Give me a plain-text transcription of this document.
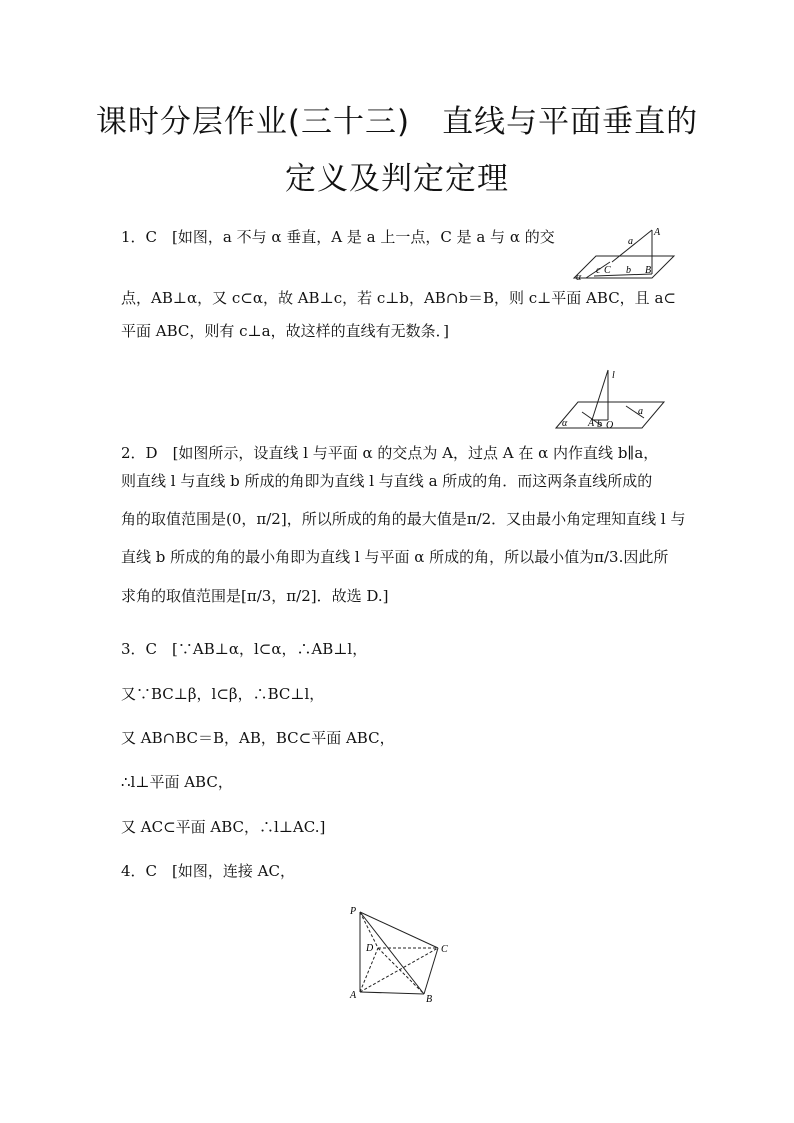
课时分层作业(三十三)　直线与平面垂直的
定义及判定定理
1．C　[如图，a 不与 α 垂直，A 是 a 上一点，C 是 a 与 α 的交
点，AB⊥α，又 c⊂α，故 AB⊥c，若 c⊥b，AB∩b＝B，则 c⊥平面 ABC，且 a⊂
平面 ABC，则有 c⊥a，故这样的直线有无数条．]
A
a
α
c C b B
l
α A b O
a
2．D　[如图所示，设直线 l 与平面 α 的交点为 A，过点 A 在 α 内作直线 b∥a，
则直线 l 与直线 b 所成的角即为直线 l 与直线 a 所成的角．而这两条直线所成的
角的取值范围是(0，π/2]，所以所成的角的最大值是π/2．又由最小角定理知直线 l 与
直线 b 所成的角的最小角即为直线 l 与平面 α 所成的角，所以最小值为π/3.因此所
求角的取值范围是[π/3，π/2]．故选 D.]
3．C　[∵AB⊥α，l⊂α，∴AB⊥l，
又∵BC⊥β，l⊂β，∴BC⊥l，
又 AB∩BC＝B，AB，BC⊂平面 ABC，
∴l⊥平面 ABC，
又 AC⊂平面 ABC，∴l⊥AC.]
4．C　[如图，连接 AC，
P
D	C
A	B
